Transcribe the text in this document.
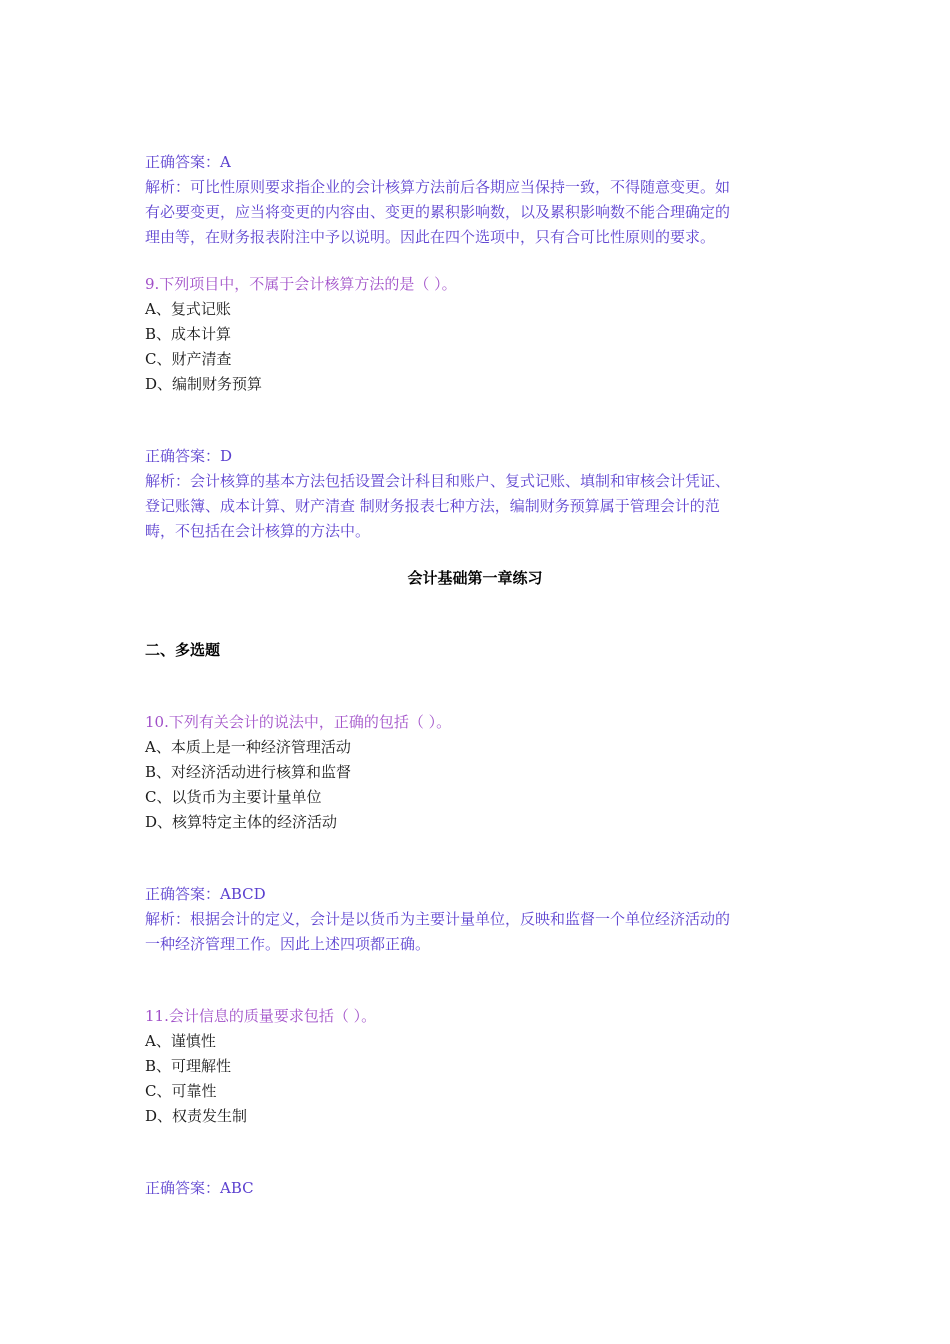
正确答案：A
解析：可比性原则要求指企业的会计核算方法前后各期应当保持一致，不得随意变更。如
有必要变更，应当将变更的内容由、变更的累积影响数，以及累积影响数不能合理确定的
理由等，在财务报表附注中予以说明。因此在四个选项中，只有合可比性原则的要求。
9.下列项目中，不属于会计核算方法的是（ ）。
A、复式记账
B、成本计算
C、财产清查
D、编制财务预算
正确答案：D
解析：会计核算的基本方法包括设置会计科目和账户、复式记账、填制和审核会计凭证、
登记账簿、成本计算、财产清查 制财务报表七种方法，编制财务预算属于管理会计的范
畴，不包括在会计核算的方法中。
会计基础第一章练习
二、多选题
10.下列有关会计的说法中，正确的包括（ ）。
A、本质上是一种经济管理活动
B、对经济活动进行核算和监督
C、以货币为主要计量单位
D、核算特定主体的经济活动
正确答案：ABCD
解析：根据会计的定义，会计是以货币为主要计量单位，反映和监督一个单位经济活动的
一种经济管理工作。因此上述四项都正确。
11.会计信息的质量要求包括（ ）。
A、谨慎性
B、可理解性
C、可靠性
D、权责发生制
正确答案：ABC
